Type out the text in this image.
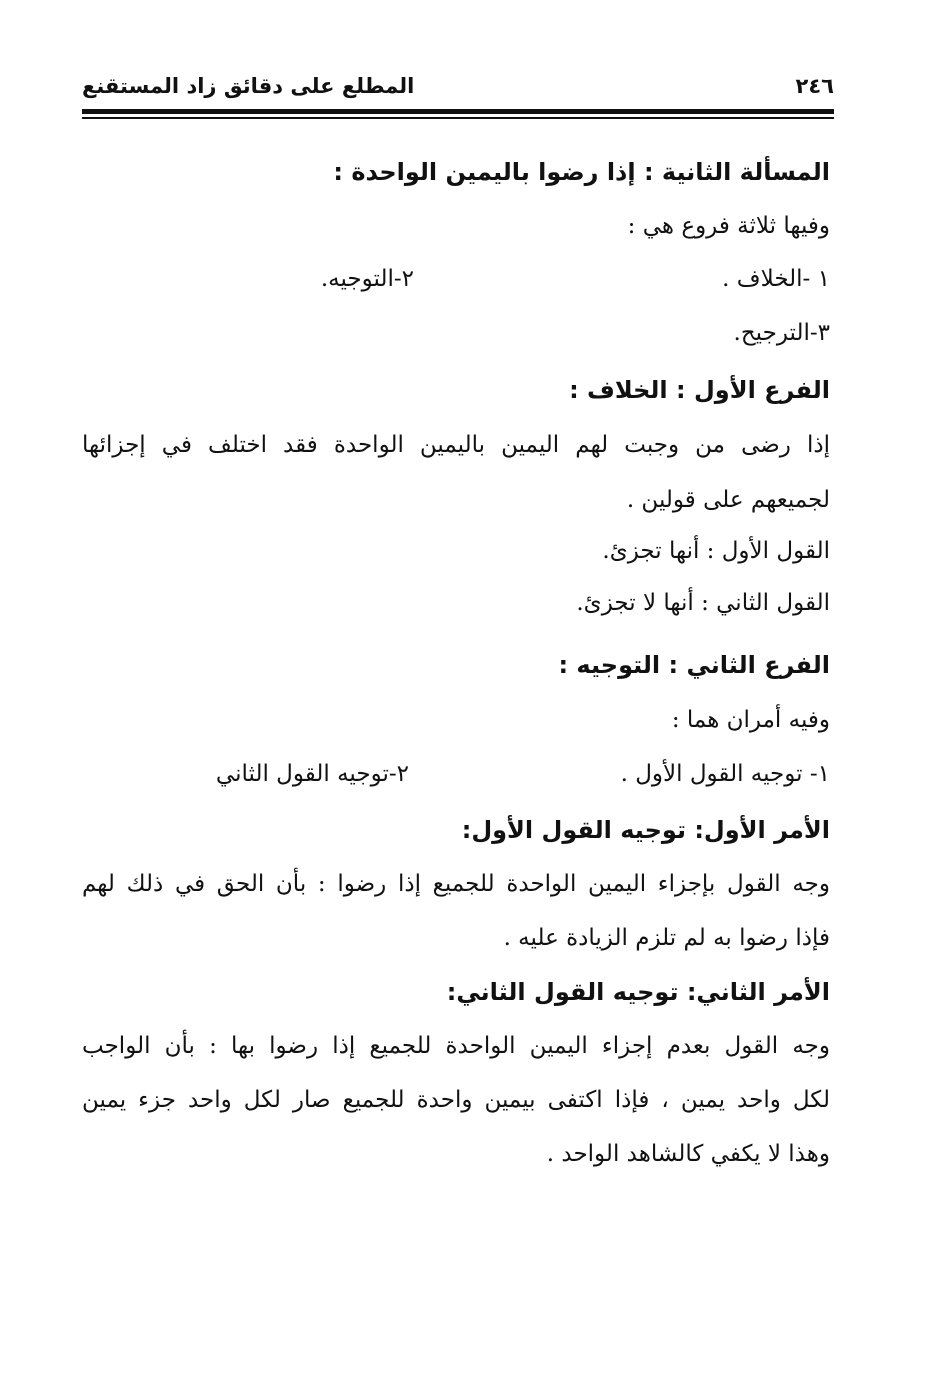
المطلع على دقائق زاد المستقنع	٢٤٦
المسألة الثانية : إذا رضوا باليمين الواحدة :
وفيها ثلاثة فروع هي :
١ -الخلاف .
٢-التوجيه.
٣-الترجيح.
الفرع الأول : الخلاف :
إذا رضى من وجبت لهم اليمين باليمين الواحدة فقد اختلف في إجزائها
لجميعهم على قولين .
القول الأول : أنها تجزئ.
القول الثاني : أنها لا تجزئ.
الفرع الثاني : التوجيه :
وفيه أمران هما :
١- توجيه القول الأول .
٢-توجيه القول الثاني
الأمر الأول: توجيه القول الأول:
وجه القول بإجزاء اليمين الواحدة للجميع إذا رضوا : بأن الحق في ذلك لهم
فإذا رضوا به لم تلزم الزيادة عليه .
الأمر الثاني: توجيه القول الثاني:
وجه القول بعدم إجزاء اليمين الواحدة للجميع إذا رضوا بها : بأن الواجب
لكل واحد يمين ، فإذا اكتفى بيمين واحدة للجميع صار لكل واحد جزء يمين
وهذا لا يكفي كالشاهد الواحد .
